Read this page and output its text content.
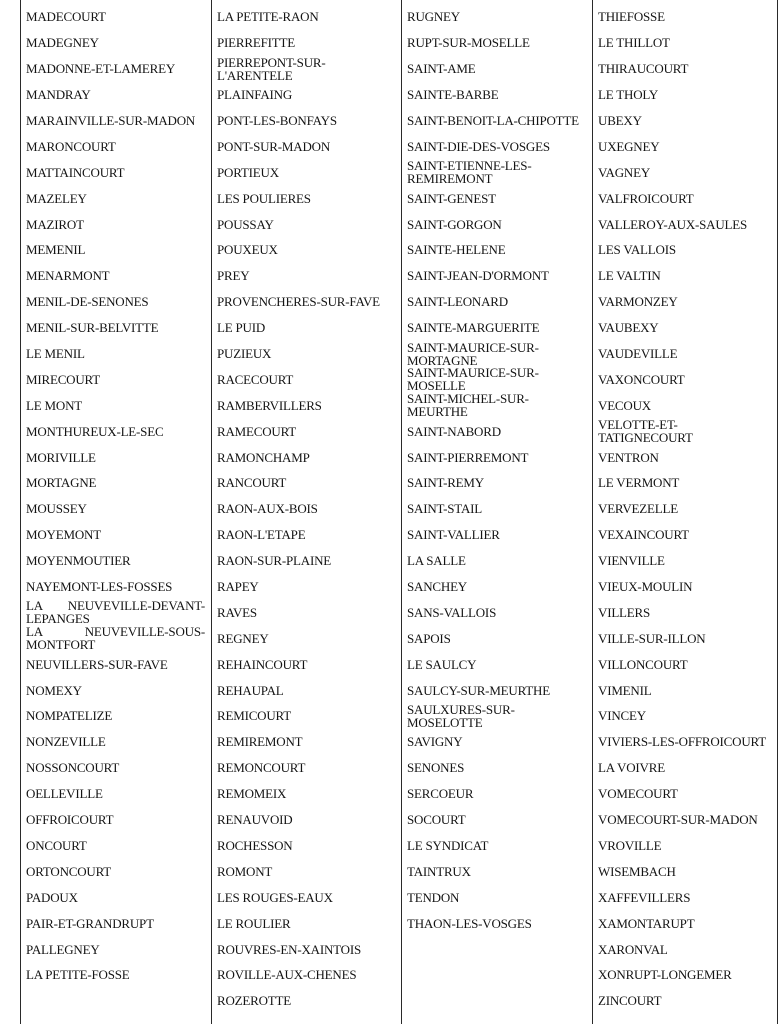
MADECOURT
MADEGNEY
MADONNE-ET-LAMEREY
MANDRAY
MARAINVILLE-SUR-MADON
MARONCOURT
MATTAINCOURT
MAZELEY
MAZIROT
MEMENIL
MENARMONT
MENIL-DE-SENONES
MENIL-SUR-BELVITTE
LE MENIL
MIRECOURT
LE MONT
MONTHUREUX-LE-SEC
MORIVILLE
MORTAGNE
MOUSSEY
MOYEMONT
MOYENMOUTIER
NAYEMONT-LES-FOSSES
LA NEUVEVILLE-DEVANT-
LEPANGES
LA NEUVEVILLE-SOUS-
MONTFORT
NEUVILLERS-SUR-FAVE
NOMEXY
NOMPATELIZE
NONZEVILLE
NOSSONCOURT
OELLEVILLE
OFFROICOURT
ONCOURT
ORTONCOURT
PADOUX
PAIR-ET-GRANDRUPT
PALLEGNEY
LA PETITE-FOSSE
LA PETITE-RAON
PIERREFITTE
PIERREPONT-SUR-
L'ARENTELE
PLAINFAING
PONT-LES-BONFAYS
PONT-SUR-MADON
PORTIEUX
LES POULIERES
POUSSAY
POUXEUX
PREY
PROVENCHERES-SUR-FAVE
LE PUID
PUZIEUX
RACECOURT
RAMBERVILLERS
RAMECOURT
RAMONCHAMP
RANCOURT
RAON-AUX-BOIS
RAON-L'ETAPE
RAON-SUR-PLAINE
RAPEY
RAVES
REGNEY
REHAINCOURT
REHAUPAL
REMICOURT
REMIREMONT
REMONCOURT
REMOMEIX
RENAUVOID
ROCHESSON
ROMONT
LES ROUGES-EAUX
LE ROULIER
ROUVRES-EN-XAINTOIS
ROVILLE-AUX-CHENES
ROZEROTTE
RUGNEY
RUPT-SUR-MOSELLE
SAINT-AME
SAINTE-BARBE
SAINT-BENOIT-LA-CHIPOTTE
SAINT-DIE-DES-VOSGES
SAINT-ETIENNE-LES-
REMIREMONT
SAINT-GENEST
SAINT-GORGON
SAINTE-HELENE
SAINT-JEAN-D'ORMONT
SAINT-LEONARD
SAINTE-MARGUERITE
SAINT-MAURICE-SUR-
MORTAGNE
SAINT-MAURICE-SUR-
MOSELLE
SAINT-MICHEL-SUR-
MEURTHE
SAINT-NABORD
SAINT-PIERREMONT
SAINT-REMY
SAINT-STAIL
SAINT-VALLIER
LA SALLE
SANCHEY
SANS-VALLOIS
SAPOIS
LE SAULCY
SAULCY-SUR-MEURTHE
SAULXURES-SUR-
MOSELOTTE
SAVIGNY
SENONES
SERCOEUR
SOCOURT
LE SYNDICAT
TAINTRUX
TENDON
THAON-LES-VOSGES
THIEFOSSE
LE THILLOT
THIRAUCOURT
LE THOLY
UBEXY
UXEGNEY
VAGNEY
VALFROICOURT
VALLEROY-AUX-SAULES
LES VALLOIS
LE VALTIN
VARMONZEY
VAUBEXY
VAUDEVILLE
VAXONCOURT
VECOUX
VELOTTE-ET-
TATIGNECOURT
VENTRON
LE VERMONT
VERVEZELLE
VEXAINCOURT
VIENVILLE
VIEUX-MOULIN
VILLERS
VILLE-SUR-ILLON
VILLONCOURT
VIMENIL
VINCEY
VIVIERS-LES-OFFROICOURT
LA VOIVRE
VOMECOURT
VOMECOURT-SUR-MADON
VROVILLE
WISEMBACH
XAFFEVILLERS
XAMONTARUPT
XARONVAL
XONRUPT-LONGEMER
ZINCOURT
